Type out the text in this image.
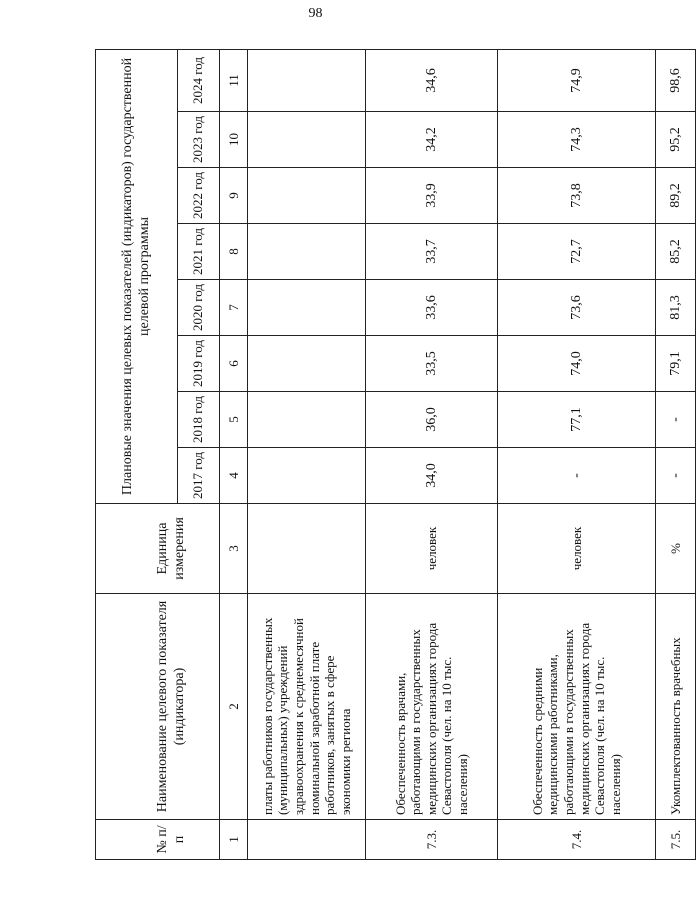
98
№ п/п	Наименование целевого показателя (индикатора)	Единица измерения	Плановые значения целевых показателей (индикаторов) государственной целевой программы							
			2017 год	2018 год	2019 год	2020 год	2021 год	2022 год	2023 год	2024 год
1	2	3	4	5	6	7	8	9	10	11
	платы работников государственных (муниципальных) учреждений здравоохранения к среднемесячной номинальной заработной плате работников, занятых в сфере экономики региона									
7.3.	Обеспеченность врачами, работающими в государственных медицинских организациях города Севастополя (чел. на 10 тыс. населения)	человек	34,0	36,0	33,5	33,6	33,7	33,9	34,2	34,6
7.4.	Обеспеченность средними медицинскими работниками, работающими в государственных медицинских организациях города Севастополя (чел. на 10 тыс. населения)	человек	-	77,1	74,0	73,6	72,7	73,8	74,3	74,9
7.5.	Укомплектованность врачебных	%	-	-	79,1	81,3	85,2	89,2	95,2	98,6
